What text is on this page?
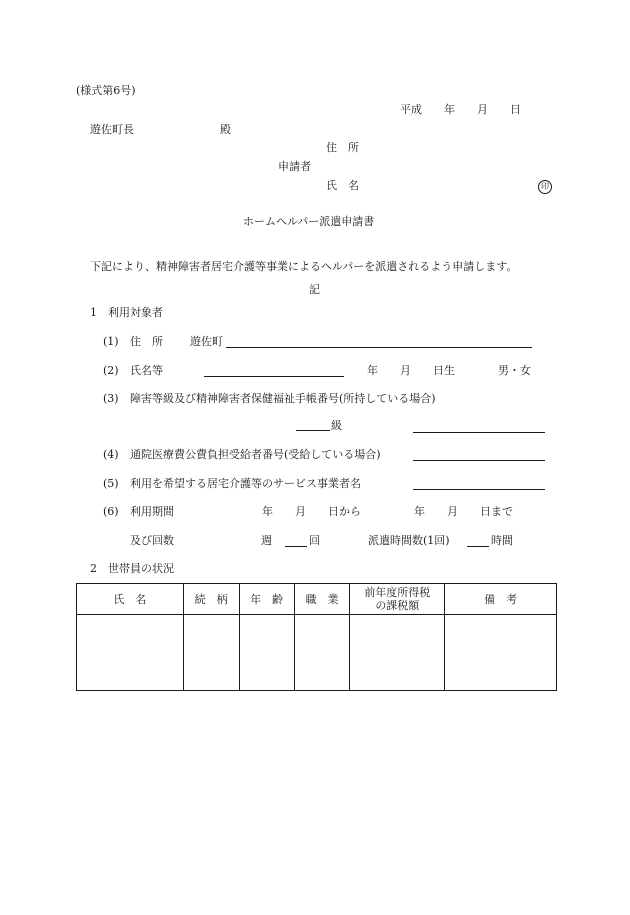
(様式第6号)
平成　　年　　月　　日
遊佐町長	殿
住　所
申請者
氏　名	印
ホームヘルパー派遣申請書
下記により、精神障害者居宅介護等事業によるヘルパーを派遣されるよう申請します。
記
1　利用対象者
(1) 住　所 遊佐町
(2) 氏名等	年　　月　　日生	男・女
(3) 障害等級及び精神障害者保健福祉手帳番号(所持している場合)
級
(4) 通院医療費公費負担受給者番号(受給している場合)
(5) 利用を希望する居宅介護等のサービス事業者名
(6) 利用期間	年　　月　　日から	年　　月　　日まで
及び回数	週	回	派遣時間数(1回)	時間
2　世帯員の状況
氏　名	続　柄	年　齢	職　業	前年度所得税の課税額	備　考
